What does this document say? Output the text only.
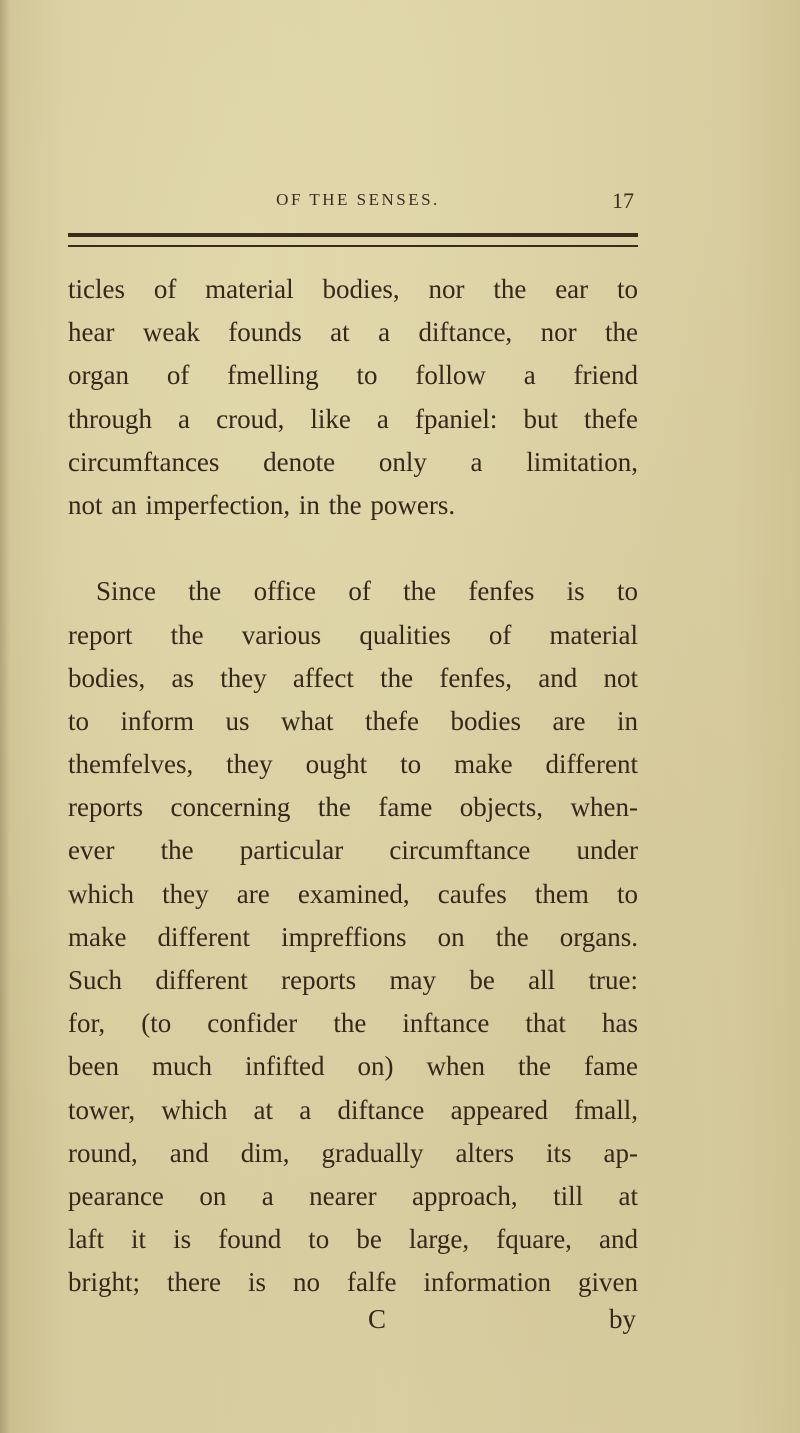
OF THE SENSES.	17
ticles of material bodies, nor the ear to
hear weak founds at a diftance, nor the
organ of fmelling to follow a friend
through a croud, like a fpaniel: but thefe
circumftances denote only a limitation,
not an imperfection, in the powers.
Since the office of the fenfes is to
report the various qualities of material
bodies, as they affect the fenfes, and not
to inform us what thefe bodies are in
themfelves, they ought to make different
reports concerning the fame objects, when-
ever the particular circumftance under
which they are examined, caufes them to
make different impreffions on the organs.
Such different reports may be all true:
for, (to confider the inftance that has
been much infifted on) when the fame
tower, which at a diftance appeared fmall,
round, and dim, gradually alters its ap-
pearance on a nearer approach, till at
laft it is found to be large, fquare, and
bright; there is no falfe information given
C	by
